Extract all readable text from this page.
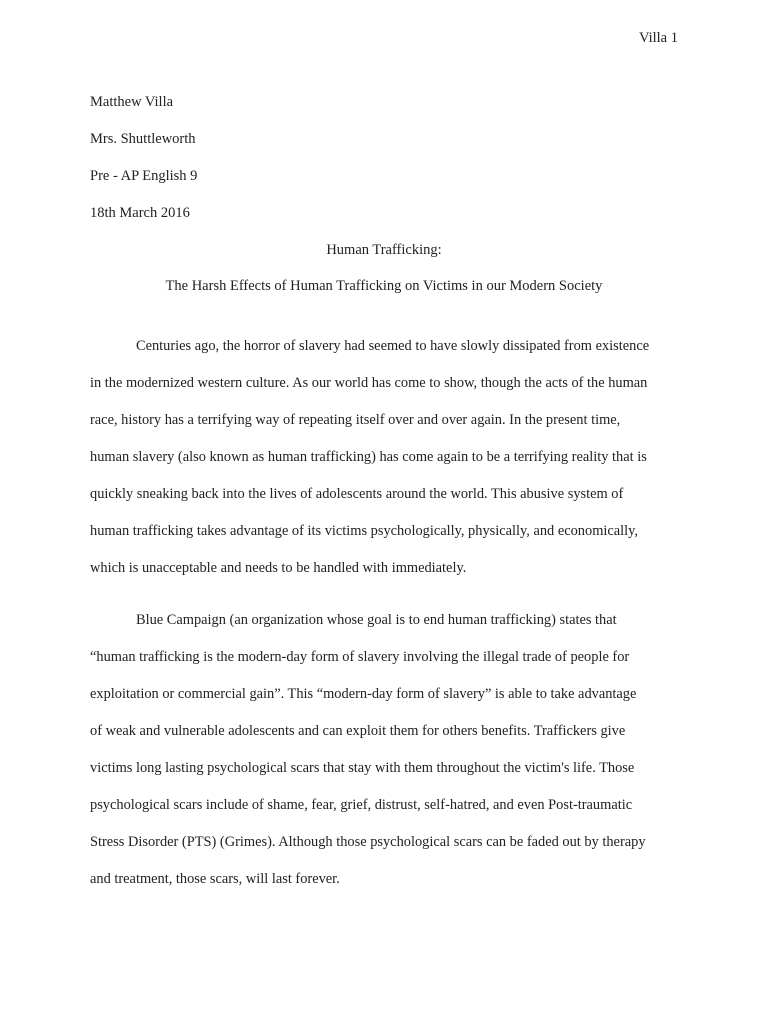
Villa 1
Matthew Villa
Mrs. Shuttleworth
Pre - AP English 9
18th March 2016
Human Trafficking:
The Harsh Effects of Human Trafficking on Victims in our Modern Society
Centuries ago, the horror of slavery had seemed to have slowly dissipated from existence
in the modernized western culture. As our world has come to show, though the acts of the human
race, history has a terrifying way of repeating itself over and over again. In the present time,
human slavery (also known as human trafficking) has come again to be a terrifying reality that is
quickly sneaking back into the lives of adolescents around the world. This abusive system of
human trafficking takes advantage of its victims psychologically, physically, and economically,
which is unacceptable and needs to be handled with immediately.
Blue Campaign (an organization whose goal is to end human trafficking) states that
“human trafficking is the modern-day form of slavery involving the illegal trade of people for
exploitation or commercial gain”. This “modern-day form of slavery” is able to take advantage
of weak and vulnerable adolescents and can exploit them for others benefits. Traffickers give
victims long lasting psychological scars that stay with them throughout the victim's life. Those
psychological scars include of shame, fear, grief, distrust, self-hatred, and even Post-traumatic
Stress Disorder (PTS) (Grimes). Although those psychological scars can be faded out by therapy
and treatment, those scars, will last forever.
